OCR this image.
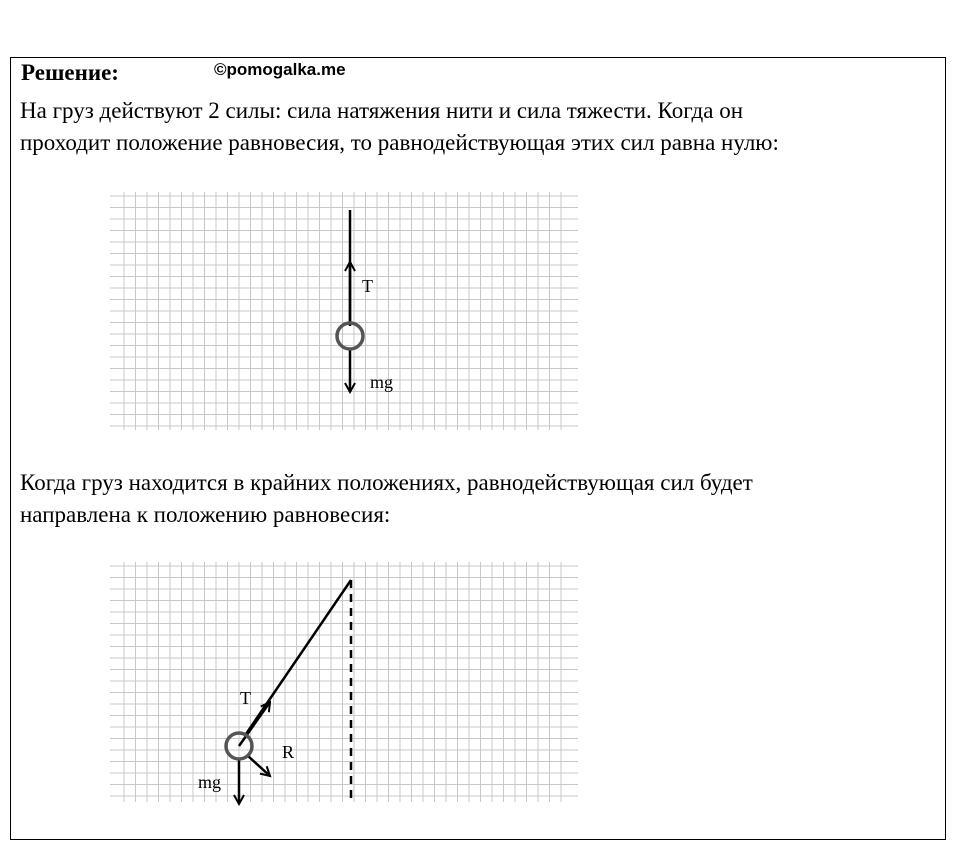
Решение:	©pomogalka.me

На груз действуют 2 силы: сила натяжения нити и сила тяжести. Когда он
проходит положение равновесия, то равнодействующая этих сил равна нулю:

T
mg

Когда груз находится в крайних положениях, равнодействующая сил будет
направлена к положению равновесия:

T
R
mg
